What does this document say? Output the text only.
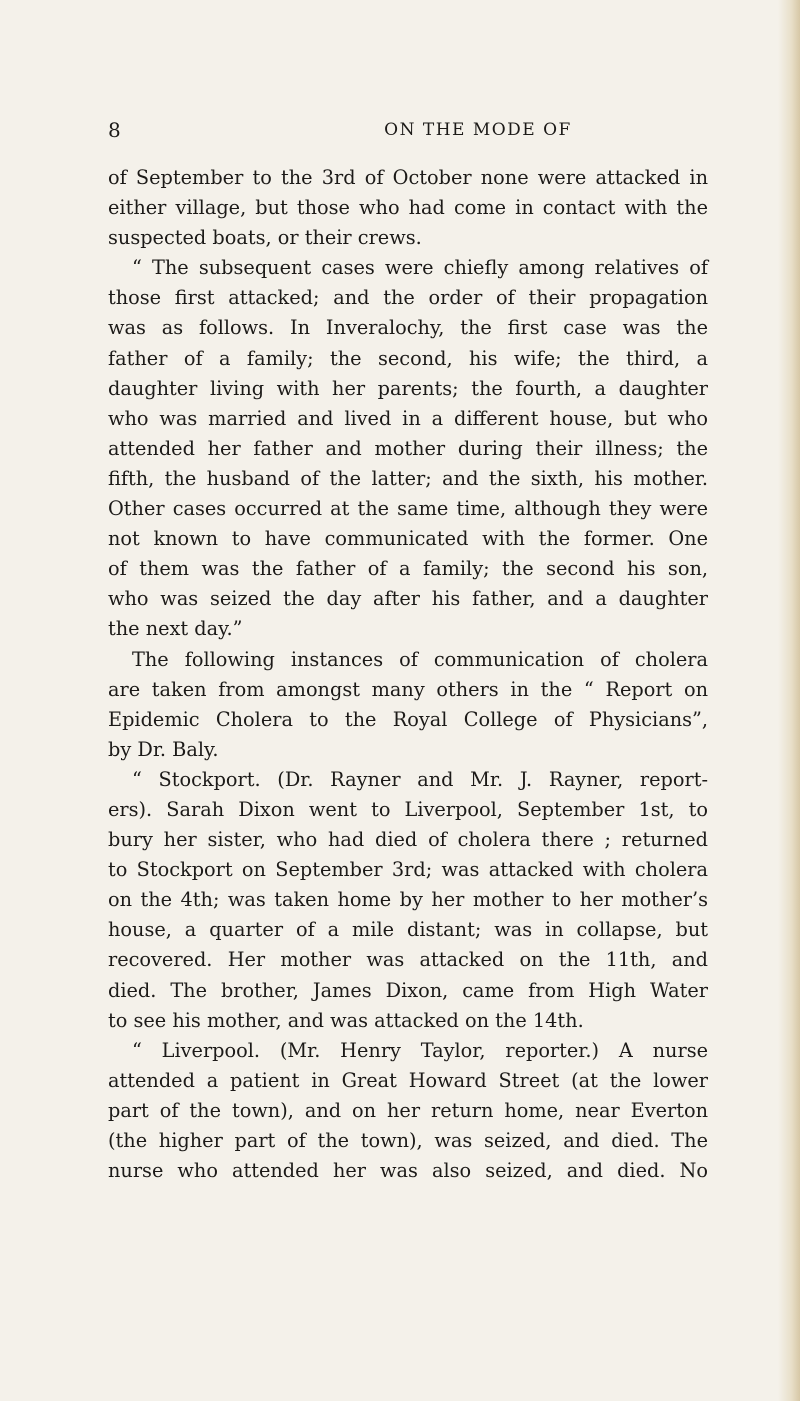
8	ON THE MODE OF
of September to the 3rd of October none were attacked in
either village, but those who had come in contact with the
suspected boats, or their crews.
“ The subsequent cases were chiefly among relatives of
those first attacked; and the order of their propagation
was as follows. In Inveralochy, the first case was the
father of a family; the second, his wife; the third, a
daughter living with her parents; the fourth, a daughter
who was married and lived in a different house, but who
attended her father and mother during their illness; the
fifth, the husband of the latter; and the sixth, his mother.
Other cases occurred at the same time, although they were
not known to have communicated with the former. One
of them was the father of a family; the second his son,
who was seized the day after his father, and a daughter
the next day.”
The following instances of communication of cholera
are taken from amongst many others in the “ Report on
Epidemic Cholera to the Royal College of Physicians”,
by Dr. Baly.
“ Stockport. (Dr. Rayner and Mr. J. Rayner, report-
ers). Sarah Dixon went to Liverpool, September 1st, to
bury her sister, who had died of cholera there ; returned
to Stockport on September 3rd; was attacked with cholera
on the 4th; was taken home by her mother to her mother’s
house, a quarter of a mile distant; was in collapse, but
recovered. Her mother was attacked on the 11th, and
died. The brother, James Dixon, came from High Water
to see his mother, and was attacked on the 14th.
“ Liverpool. (Mr. Henry Taylor, reporter.) A nurse
attended a patient in Great Howard Street (at the lower
part of the town), and on her return home, near Everton
(the higher part of the town), was seized, and died. The
nurse who attended her was also seized, and died. No
